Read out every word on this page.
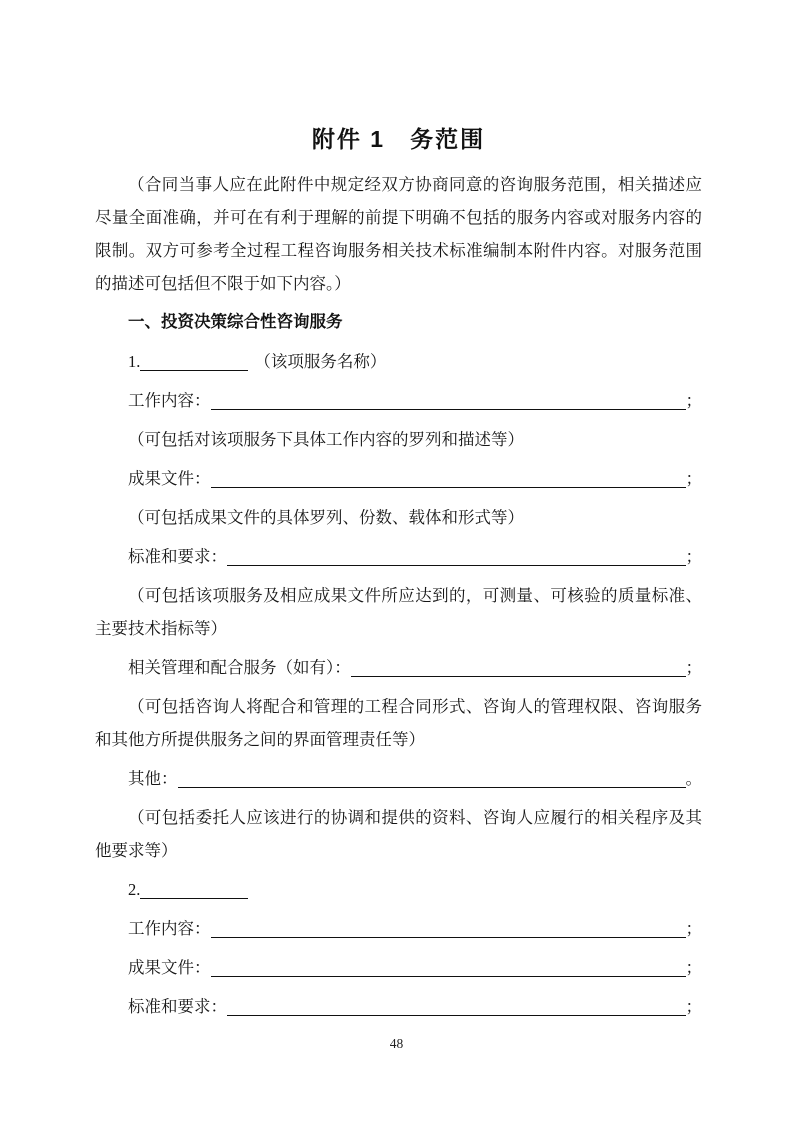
附件 1　务范围

（合同当事人应在此附件中规定经双方协商同意的咨询服务范围，相关描述应尽量全面准确，并可在有利于理解的前提下明确不包括的服务内容或对服务内容的限制。双方可参考全过程工程咨询服务相关技术标准编制本附件内容。对服务范围的描述可包括但不限于如下内容。）

一、投资决策综合性咨询服务
1.	（该项服务名称）
工作内容：	；

（可包括对该项服务下具体工作内容的罗列和描述等）

成果文件：	；

（可包括成果文件的具体罗列、份数、载体和形式等）

标准和要求：	；

（可包括该项服务及相应成果文件所应达到的，可测量、可核验的质量标准、主要技术指标等）

相关管理和配合服务（如有）：	；

（可包括咨询人将配合和管理的工程合同形式、咨询人的管理权限、咨询服务和其他方所提供服务之间的界面管理责任等）

其他：	。

（可包括委托人应该进行的协调和提供的资料、咨询人应履行的相关程序及其他要求等）

2.
工作内容：	；
成果文件：	；
标准和要求：	；
48
